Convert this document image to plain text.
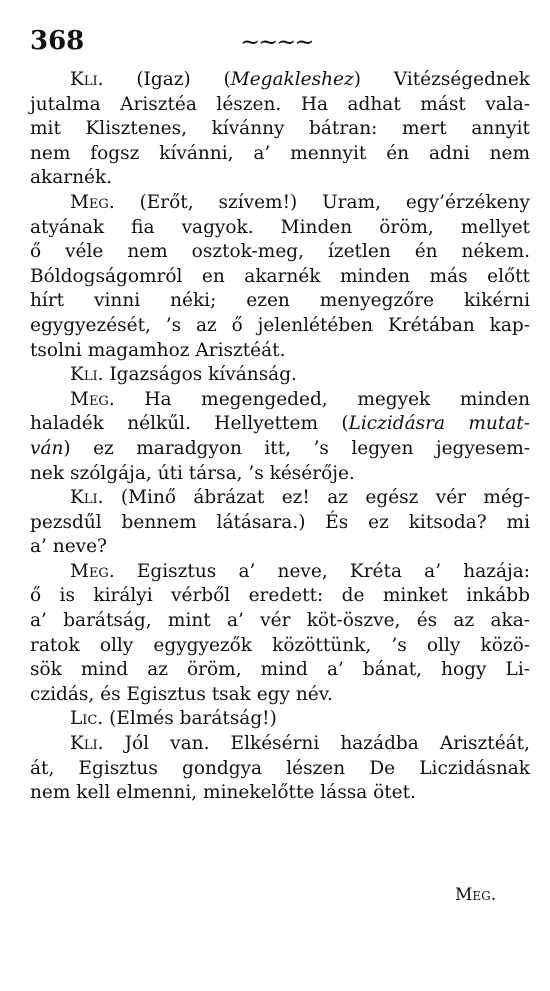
368	~~~~
Kli. (Igaz) (Megakleshez) Vitézségednek
jutalma Arisztéa lészen. Ha adhat mást vala-
mit Klisztenes, kívánny bátran: mert annyit
nem fogsz kívánni, a’ mennyit én adni nem
akarnék.
Meg. (Erőt, szívem!) Uram, egy’érzékeny
atyának fia vagyok. Minden öröm, mellyet
ő véle nem osztok-meg, ízetlen én nékem.
Bóldogságomról en akarnék minden más előtt
hírt vinni néki; ezen menyegzőre kikérni
egygyezését, ’s az ő jelenlétében Krétában kap-
tsolni magamhoz Arisztéát.
Kli. Igazságos kívánság.
Meg. Ha megengeded, megyek minden
haladék nélkűl. Hellyettem (Liczidásra mutat-
ván) ez maradgyon itt, ’s legyen jegyesem-
nek szólgája, úti társa, ’s késérője.
Kli. (Minő ábrázat ez! az egész vér még-
pezsdűl bennem látásara.) És ez kitsoda? mi
a’ neve?
Meg. Egisztus a’ neve, Kréta a’ hazája:
ő is királyi vérből eredett: de minket inkább
a’ barátság, mint a’ vér köt-öszve, és az aka-
ratok olly egygyezők közöttünk, ’s olly közö-
sök mind az öröm, mind a’ bánat, hogy Li-
czidás, és Egisztus tsak egy név.
Lic. (Elmés barátság!)
Kli. Jól van. Elkésérni hazádba Arisztéát,
át, Egisztus gondgya lészen De Liczidásnak
nem kell elmenni, minekelőtte lássa ötet.
Meg.
